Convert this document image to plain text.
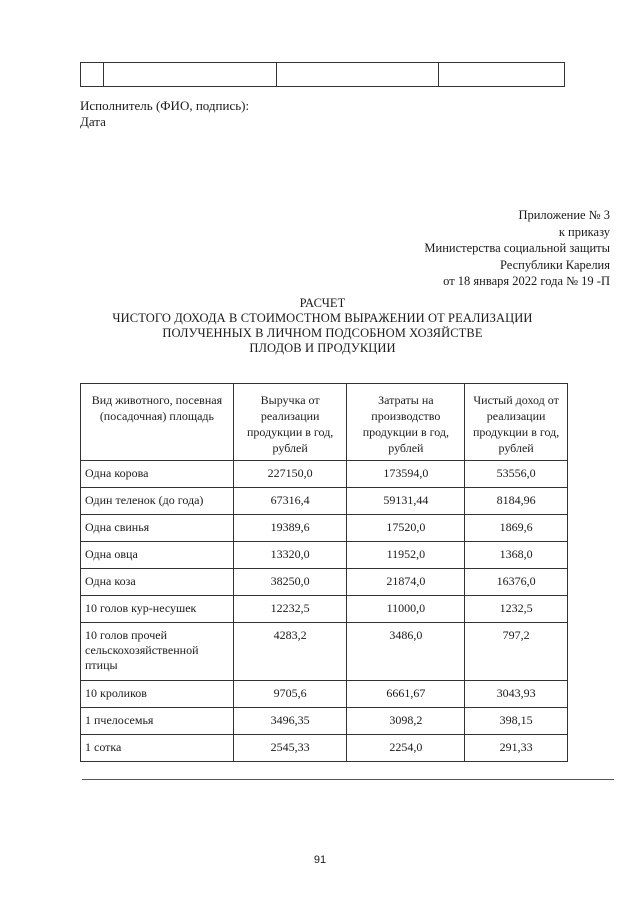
Исполнитель (ФИО, подпись):
Дата
Приложение № 3
к приказу
Министерства социальной защиты
Республики Карелия
от 18 января 2022 года № 19 -П
РАСЧЕТ
ЧИСТОГО ДОХОДА В СТОИМОСТНОМ ВЫРАЖЕНИИ ОТ РЕАЛИЗАЦИИ
ПОЛУЧЕННЫХ В ЛИЧНОМ ПОДСОБНОМ ХОЗЯЙСТВЕ
ПЛОДОВ И ПРОДУКЦИИ
Вид животного, посевная (посадочная) площадь	Выручка от реализации продукции в год, рублей	Затраты на производство продукции в год, рублей	Чистый доход от реализации продукции в год, рублей
Одна корова	227150,0	173594,0	53556,0
Один теленок (до года)	67316,4	59131,44	8184,96
Одна свинья	19389,6	17520,0	1869,6
Одна овца	13320,0	11952,0	1368,0
Одна коза	38250,0	21874,0	16376,0
10 голов кур-несушек	12232,5	11000,0	1232,5
10 голов прочей сельскохозяйственной птицы	4283,2	3486,0	797,2
10 кроликов	9705,6	6661,67	3043,93
1 пчелосемья	3496,35	3098,2	398,15
1 сотка	2545,33	2254,0	291,33
91
